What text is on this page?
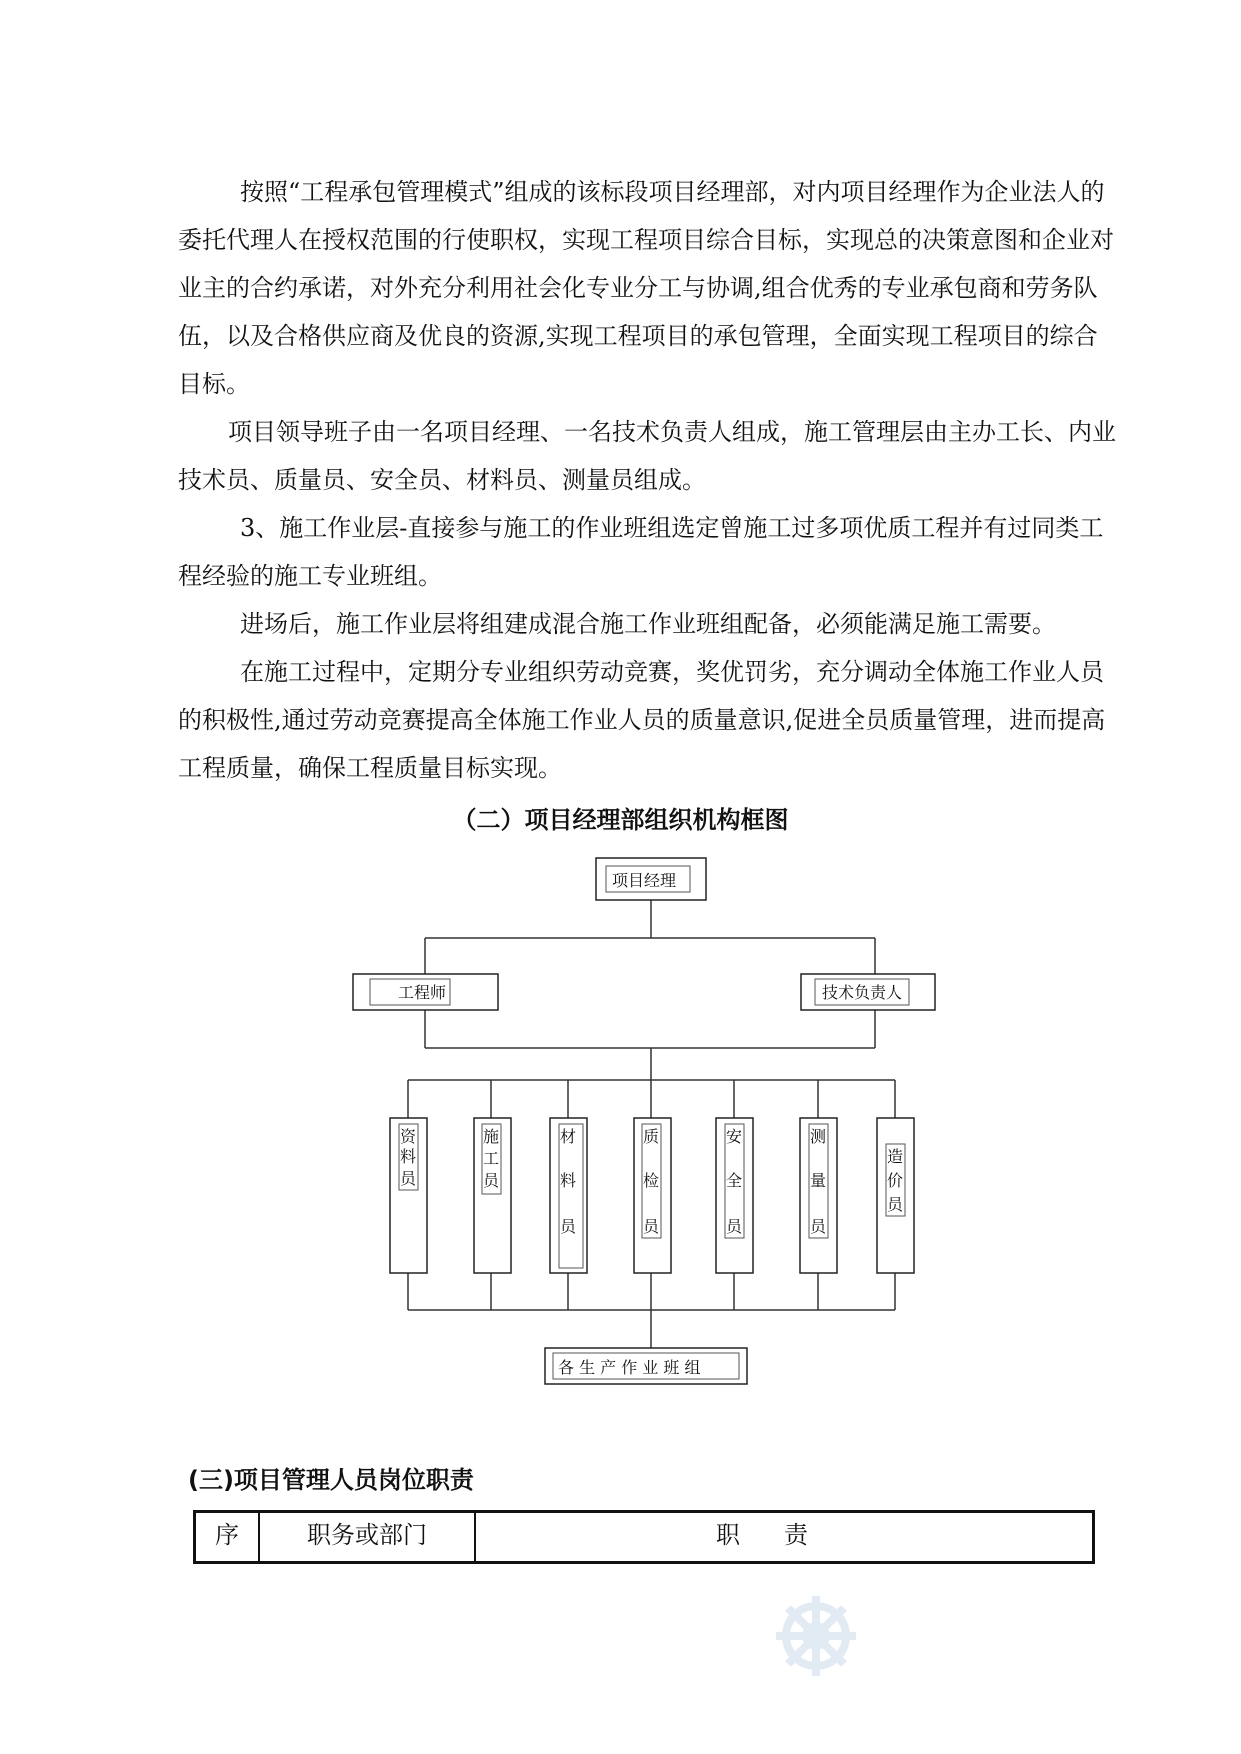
按照“工程承包管理模式”组成的该标段项目经理部，对内项目经理作为企业法人的委托代理人在授权范围的行使职权，实现工程项目综合目标，实现总的决策意图和企业对业主的合约承诺，对外充分利用社会化专业分工与协调,组合优秀的专业承包商和劳务队伍，以及合格供应商及优良的资源,实现工程项目的承包管理，全面实现工程项目的综合目标。

项目领导班子由一名项目经理、一名技术负责人组成，施工管理层由主办工长、内业技术员、质量员、安全员、材料员、测量员组成。

3、施工作业层-直接参与施工的作业班组选定曾施工过多项优质工程并有过同类工程经验的施工专业班组。

进场后，施工作业层将组建成混合施工作业班组配备，必须能满足施工需要。

在施工过程中，定期分专业组织劳动竞赛，奖优罚劣，充分调动全体施工作业人员的积极性,通过劳动竞赛提高全体施工作业人员的质量意识,促进全员质量管理，进而提高工程质量，确保工程质量目标实现。

（二）项目经理部组织机构框图
项目经理
工程师	技术负责人
资
料
员
施
工
员
材
料
员
质
检
员
安
全
员
测
量
员
造
价
员
各 生 产 作 业 班 组
(三)项目管理人员岗位职责
序	职务或部门	职责
